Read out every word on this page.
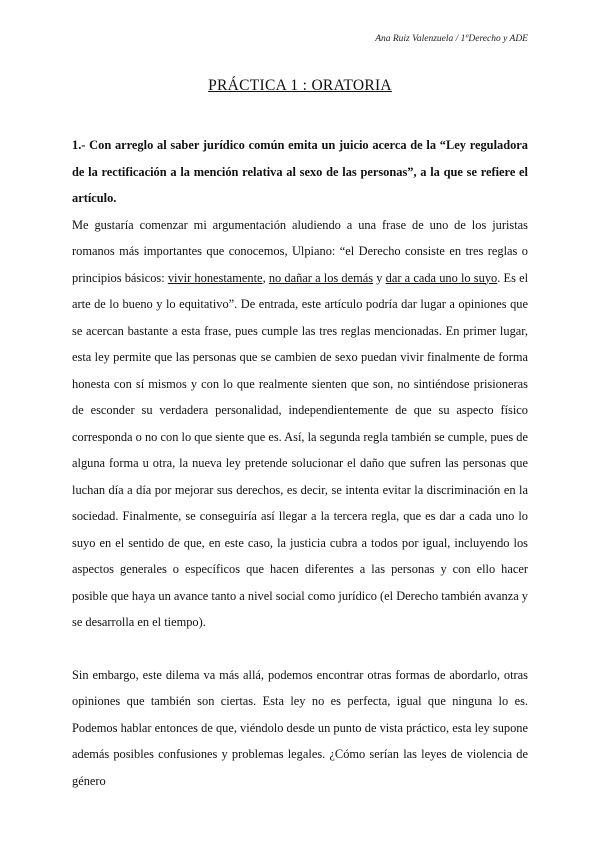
Ana Ruiz Valenzuela / 1ºDerecho y ADE
PRÁCTICA 1 : ORATORIA

1.- Con arreglo al saber jurídico común emita un juicio acerca de la “Ley reguladora de la rectificación a la mención relativa al sexo de las personas”, a la que se refiere el artículo.

Me gustaría comenzar mi argumentación aludiendo a una frase de uno de los juristas romanos más importantes que conocemos, Ulpiano: “el Derecho consiste en tres reglas o principios básicos: vivir honestamente, no dañar a los demás y dar a cada uno lo suyo. Es el arte de lo bueno y lo equitativo”. De entrada, este artículo podría dar lugar a opiniones que se acercan bastante a esta frase, pues cumple las tres reglas mencionadas. En primer lugar, esta ley permite que las personas que se cambien de sexo puedan vivir finalmente de forma honesta con sí mismos y con lo que realmente sienten que son, no sintiéndose prisioneras de esconder su verdadera personalidad, independientemente de que su aspecto físico corresponda o no con lo que siente que es. Así, la segunda regla también se cumple, pues de alguna forma u otra, la nueva ley pretende solucionar el daño que sufren las personas que luchan día a día por mejorar sus derechos, es decir, se intenta evitar la discriminación en la sociedad. Finalmente, se conseguiría así llegar a la tercera regla, que es dar a cada uno lo suyo en el sentido de que, en este caso, la justicia cubra a todos por igual, incluyendo los aspectos generales o específicos que hacen diferentes a las personas y con ello hacer posible que haya un avance tanto a nivel social como jurídico (el Derecho también avanza y se desarrolla en el tiempo).

Sin embargo, este dilema va más allá, podemos encontrar otras formas de abordarlo, otras opiniones que también son ciertas. Esta ley no es perfecta, igual que ninguna lo es. Podemos hablar entonces de que, viéndolo desde un punto de vista práctico, esta ley supone además posibles confusiones y problemas legales. ¿Cómo serían las leyes de violencia de género
